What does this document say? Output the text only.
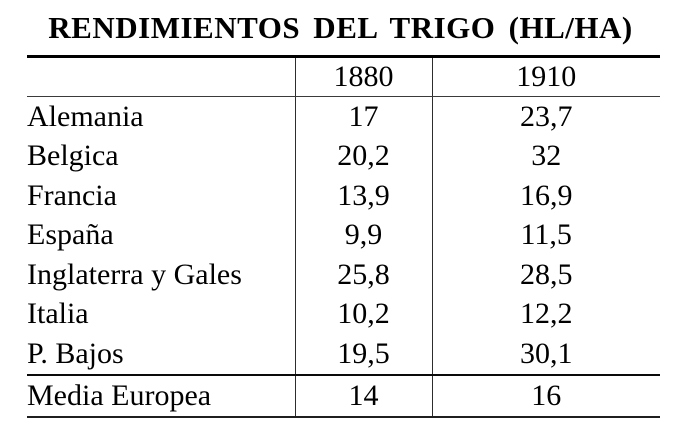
RENDIMIENTOS DEL TRIGO (HL/HA)
	1880	1910
Alemania	17	23,7
Belgica	20,2	32
Francia	13,9	16,9
España	9,9	11,5
Inglaterra y Gales	25,8	28,5
Italia	10,2	12,2
P. Bajos	19,5	30,1
Media Europea	14	16
